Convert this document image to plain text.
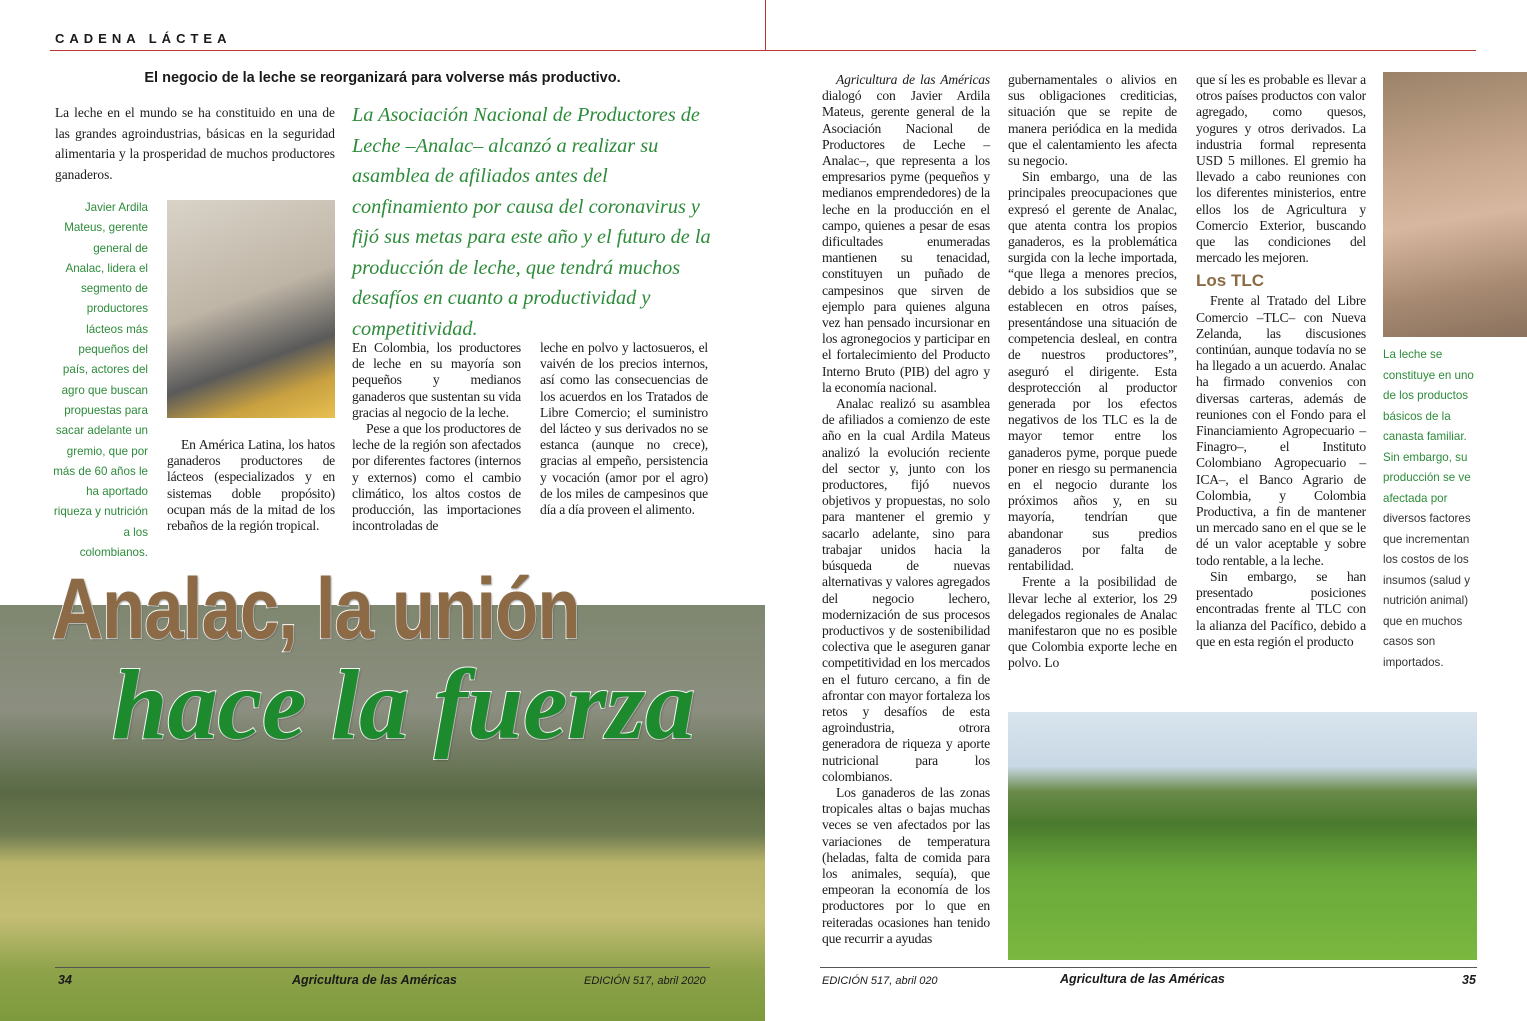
CADENA LÁCTEA
El negocio de la leche se reorganizará para volverse más productivo.
La leche en el mundo se ha constituido en una de las grandes agroindustrias, básicas en la seguridad alimentaria y la prosperidad de muchos productores ganaderos.
Javier Ardila Mateus, gerente general de Analac, lidera el segmento de productores lácteos más pequeños del país, actores del agro que buscan propuestas para sacar adelante un gremio, que por más de 60 años le ha aportado riqueza y nutrición a los colombianos.
La Asociación Nacional de Productores de Leche –Analac– alcanzó a realizar su asamblea de afiliados antes del confinamiento por causa del coronavirus y fijó sus metas para este año y el futuro de la producción de leche, que tendrá muchos desafíos en cuanto a productividad y competitividad.

En América Latina, los hatos ganaderos productores de lácteos (especializados y en sistemas doble propósito) ocupan más de la mitad de los rebaños de la región tropical.

En Colombia, los productores de leche en su mayoría son pequeños y medianos ganaderos que sustentan su vida gracias al negocio de la leche.

Pese a que los productores de leche de la región son afectados por diferentes factores (internos y externos) como el cambio climático, los altos costos de producción, las importaciones incontroladas de

leche en polvo y lactosueros, el vaivén de los precios internos, así como las consecuencias de los acuerdos en los Tratados de Libre Comercio; el suministro del lácteo y sus derivados no se estanca (aunque no crece), gracias al empeño, persistencia y vocación (amor por el agro) de los miles de campesinos que día a día proveen el alimento.

Analac, la unión
hace la fuerza
34	Agricultura de las Américas	EDICIÓN 517, abril 2020

Agricultura de las Américas dialogó con Javier Ardila Mateus, gerente general de la Asociación Nacional de Productores de Leche –Analac–, que representa a los empresarios pyme (pequeños y medianos emprendedores) de la leche en la producción en el campo, quienes a pesar de esas dificultades enumeradas mantienen su tenacidad, constituyen un puñado de campesinos que sirven de ejemplo para quienes alguna vez han pensado incursionar en los agronegocios y participar en el fortalecimiento del Producto Interno Bruto (PIB) del agro y la economía nacional.

Analac realizó su asamblea de afiliados a comienzo de este año en la cual Ardila Mateus analizó la evolución reciente del sector y, junto con los productores, fijó nuevos objetivos y propuestas, no solo para mantener el gremio y sacarlo adelante, sino para trabajar unidos hacia la búsqueda de nuevas alternativas y valores agregados del negocio lechero, modernización de sus procesos productivos y de sostenibilidad colectiva que le aseguren ganar competitividad en los mercados en el futuro cercano, a fin de afrontar con mayor fortaleza los retos y desafíos de esta agroindustria, otrora generadora de riqueza y aporte nutricional para los colombianos.

Los ganaderos de las zonas tropicales altas o bajas muchas veces se ven afectados por las variaciones de temperatura (heladas, falta de comida para los animales, sequía), que empeoran la economía de los productores por lo que en reiteradas ocasiones han tenido que recurrir a ayudas

gubernamentales o alivios en sus obligaciones crediticias, situación que se repite de manera periódica en la medida que el calentamiento les afecta su negocio.

Sin embargo, una de las principales preocupaciones que expresó el gerente de Analac, que atenta contra los propios ganaderos, es la problemática surgida con la leche importada, “que llega a menores precios, debido a los subsidios que se establecen en otros países, presentándose una situación de competencia desleal, en contra de nuestros productores”, aseguró el dirigente. Esta desprotección al productor generada por los efectos negativos de los TLC es la de mayor temor entre los ganaderos pyme, porque puede poner en riesgo su permanencia en el negocio durante los próximos años y, en su mayoría, tendrían que abandonar sus predios ganaderos por falta de rentabilidad.

Frente a la posibilidad de llevar leche al exterior, los 29 delegados regionales de Analac manifestaron que no es posible que Colombia exporte leche en polvo. Lo

que sí les es probable es llevar a otros países productos con valor agregado, como quesos, yogures y otros derivados. La industria formal representa USD 5 millones. El gremio ha llevado a cabo reuniones con los diferentes ministerios, entre ellos los de Agricultura y Comercio Exterior, buscando que las condiciones del mercado les mejoren.

Los TLC

Frente al Tratado del Libre Comercio –TLC– con Nueva Zelanda, las discusiones continúan, aunque todavía no se ha llegado a un acuerdo. Analac ha firmado convenios con diversas carteras, además de reuniones con el Fondo para el Financiamiento Agropecuario –Finagro–, el Instituto Colombiano Agropecuario –ICA–, el Banco Agrario de Colombia, y Colombia Productiva, a fin de mantener un mercado sano en el que se le dé un valor aceptable y sobre todo rentable, a la leche.

Sin embargo, se han presentado posiciones encontradas frente al TLC con la alianza del Pacífico, debido a que en esta región el producto

La leche se constituye en uno de los productos básicos de la canasta familiar. Sin embargo, su producción se ve afectada por diversos factores que incrementan los costos de los insumos (salud y nutrición animal) que en muchos casos son importados.
EDICIÓN 517, abril 020	Agricultura de las Américas	35
